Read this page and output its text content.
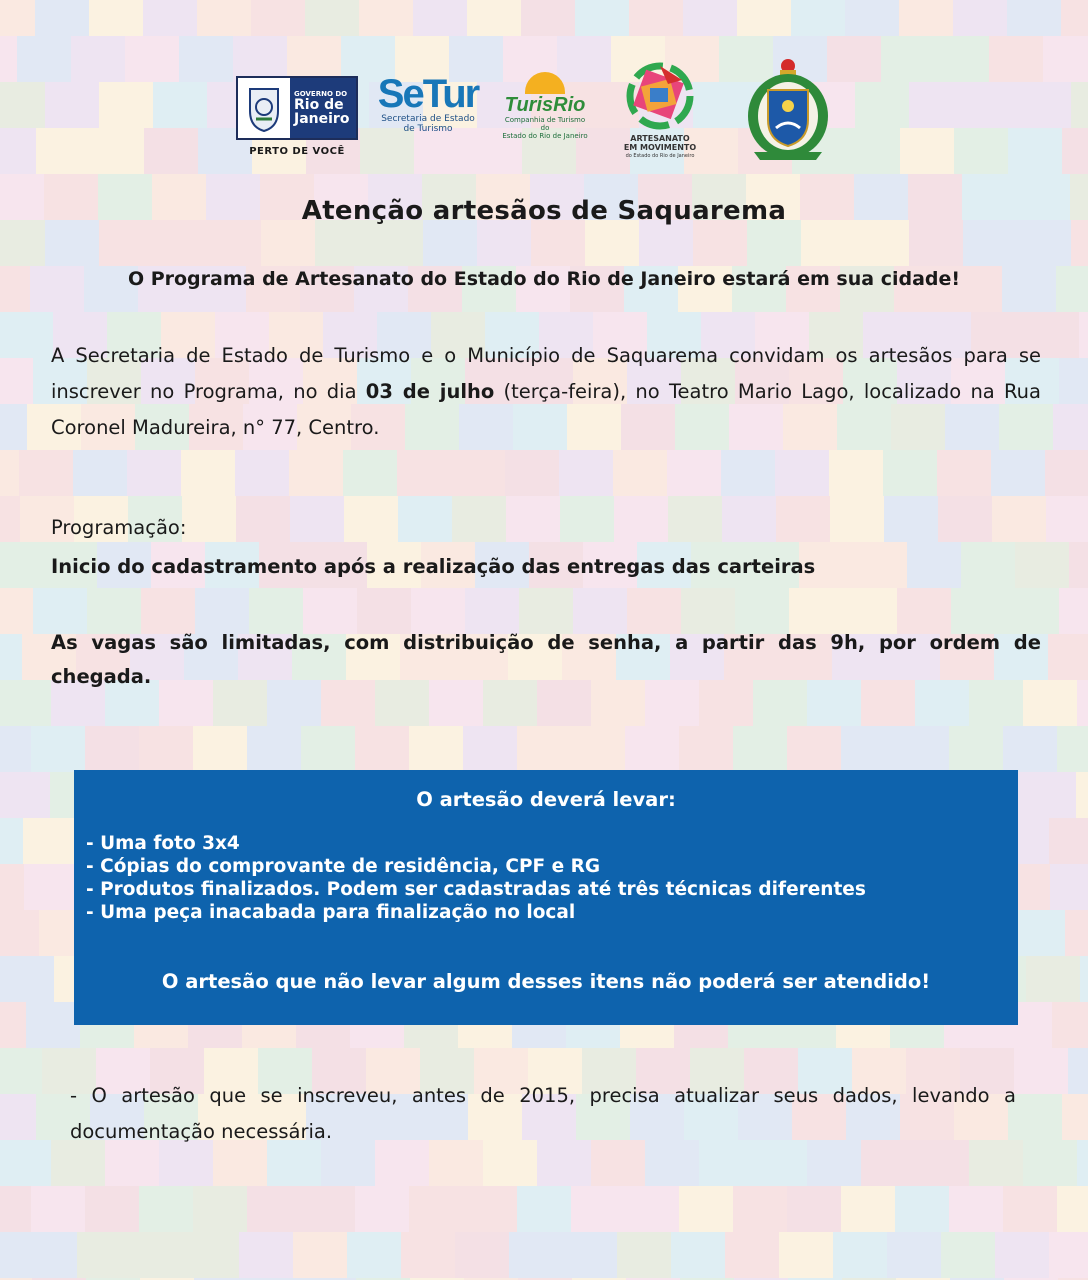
GOVERNO DO
Rio de
Janeiro
PERTO DE VOCÊ
SeTur
Secretaria de Estado
de Turismo
TurisRio
Companhia de Turismo do
Estado do Rio de Janeiro	ARTESANATO
EM MOVIMENTO
do Estado do Rio de Janeiro
Atenção artesãos de Saquarema
O Programa de Artesanato do Estado do Rio de Janeiro estará em sua cidade!
A Secretaria de Estado de Turismo e o Município de Saquarema convidam os artesãos para se inscrever no Programa, no dia 03 de julho (terça-feira), no Teatro Mario Lago, localizado na Rua Coronel Madureira, n° 77, Centro.
Programação:
Inicio do cadastramento após a realização das entregas das carteiras
As vagas são limitadas, com distribuição de senha, a partir das 9h, por ordem de chegada.
O artesão deverá levar:
- Uma foto 3x4
- Cópias do comprovante de residência, CPF e RG
- Produtos finalizados. Podem ser cadastradas até três técnicas diferentes
- Uma peça inacabada para finalização no local
O artesão que não levar algum desses itens não poderá ser atendido!
- O artesão que se inscreveu, antes de 2015, precisa atualizar seus dados, levando a documentação necessária.
